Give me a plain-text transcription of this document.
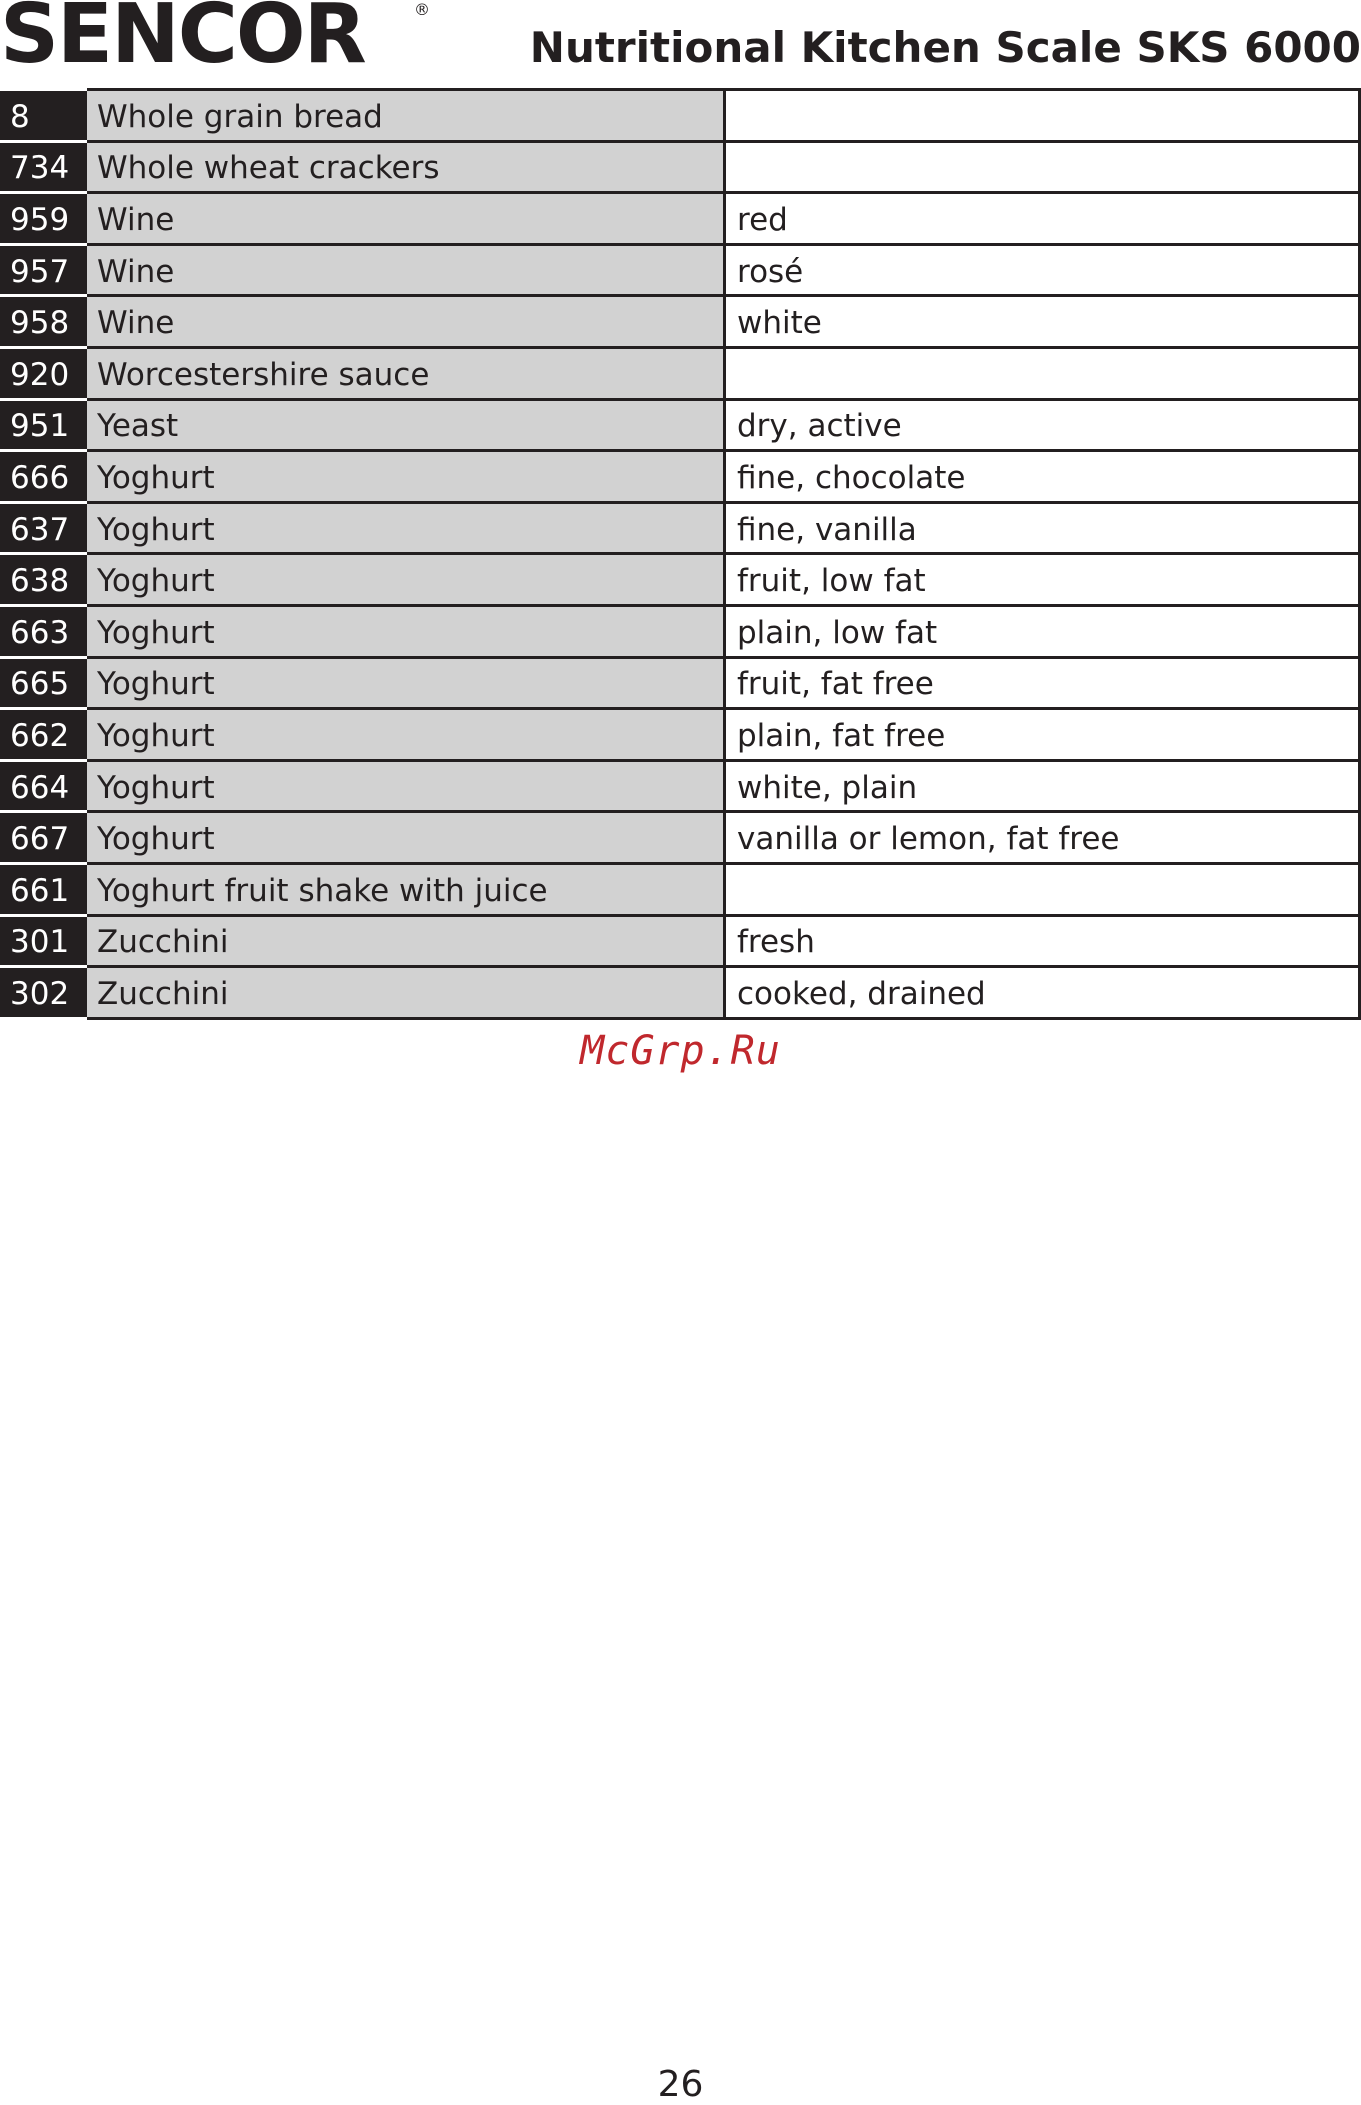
SENCOR	®
Nutritional Kitchen Scale SKS 6000
8	Whole grain bread	
734	Whole wheat crackers	
959	Wine	red
957	Wine	rosé
958	Wine	white
920	Worcestershire sauce	
951	Yeast	dry, active
666	Yoghurt	fine, chocolate
637	Yoghurt	fine, vanilla
638	Yoghurt	fruit, low fat
663	Yoghurt	plain, low fat
665	Yoghurt	fruit, fat free
662	Yoghurt	plain, fat free
664	Yoghurt	white, plain
667	Yoghurt	vanilla or lemon, fat free
661	Yoghurt fruit shake with juice	
301	Zucchini	fresh
302	Zucchini	cooked, drained
McGrp.Ru
26
